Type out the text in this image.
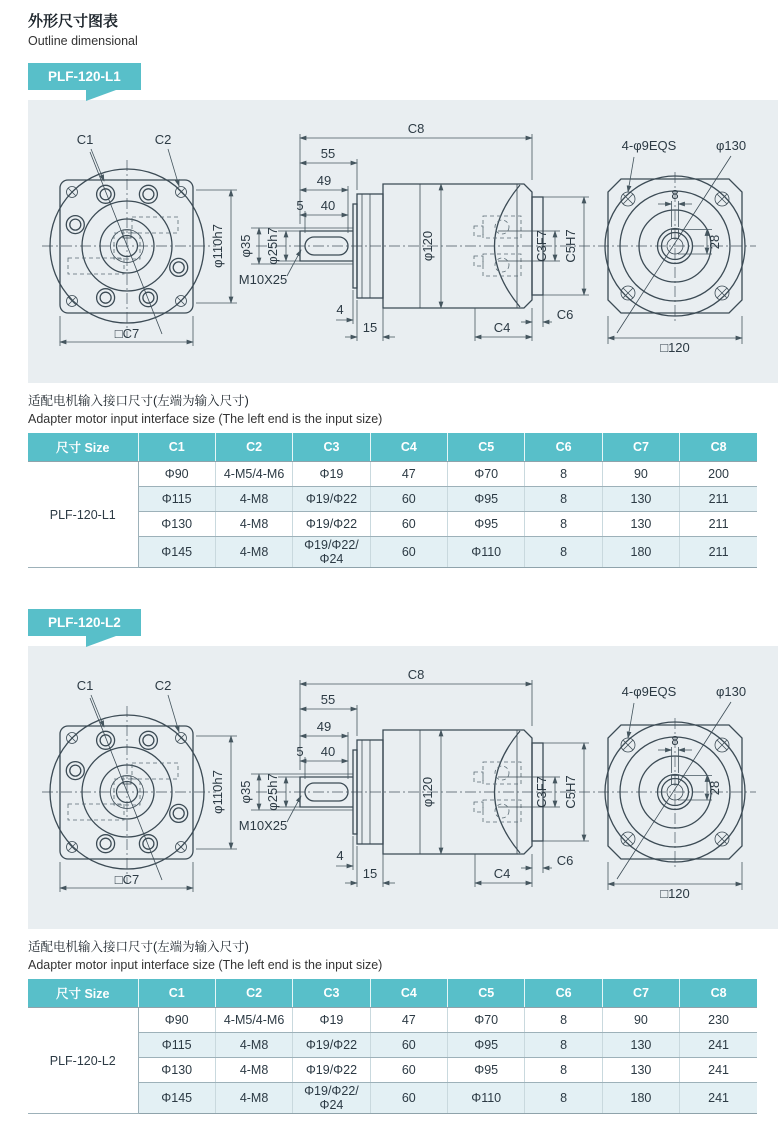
外形尺寸图表
Outline dimensional
PLF-120-L1
C1	C2
□C7
φ110h7
C8
55
49
5 40
φ35 φ25h7
M10X25
φ120	C3F7 C5H7
4
15	C4
C6
4-φ9EQS	φ130
8
28
□120

适配电机输入接口尺寸(左端为输入尺寸)

Adapter motor input interface size (The left end is the input size)

尺寸 Size	C1	C2	C3	C4	C5	C6	C7	C8
PLF-120-L1	Φ90	4-M5/4-M6	Φ19	47	Φ70	8	90	200
	Φ115	4-M8	Φ19/Φ22	60	Φ95	8	130	211
	Φ130	4-M8	Φ19/Φ22	60	Φ95	8	130	211
	Φ145	4-M8	Φ19/Φ22/Φ24	60	Φ110	8	180	211
PLF-120-L2
C1	C2
□C7
φ110h7
C8
55
49
5 40
φ35 φ25h7
M10X25
φ120	C3F7 C5H7
4
15	C4
C6
4-φ9EQS	φ130
8
28
□120

适配电机输入接口尺寸(左端为输入尺寸)

Adapter motor input interface size (The left end is the input size)

尺寸 Size	C1	C2	C3	C4	C5	C6	C7	C8
PLF-120-L2	Φ90	4-M5/4-M6	Φ19	47	Φ70	8	90	230
	Φ115	4-M8	Φ19/Φ22	60	Φ95	8	130	241
	Φ130	4-M8	Φ19/Φ22	60	Φ95	8	130	241
	Φ145	4-M8	Φ19/Φ22/Φ24	60	Φ110	8	180	241
